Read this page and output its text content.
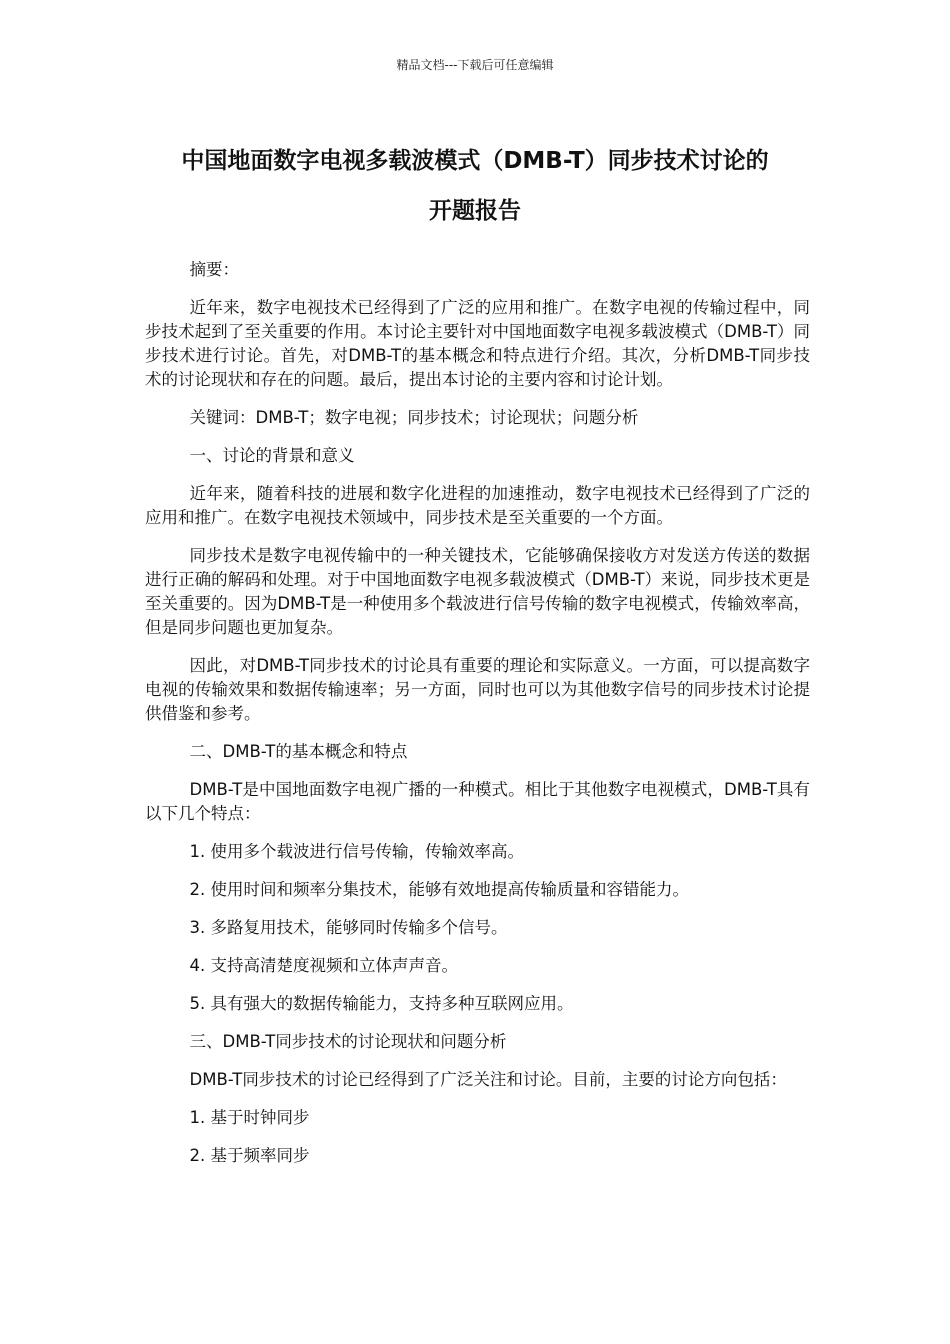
精品文档---下载后可任意编辑
中国地面数字电视多载波模式（DMB-T）同步技术讨论的
开题报告

摘要：

近年来，数字电视技术已经得到了广泛的应用和推广。在数字电视的传输过程中，同步技术起到了至关重要的作用。本讨论主要针对中国地面数字电视多载波模式（DMB-T）同步技术进行讨论。首先，对DMB-T的基本概念和特点进行介绍。其次，分析DMB-T同步技术的讨论现状和存在的问题。最后，提出本讨论的主要内容和讨论计划。

关键词：DMB-T；数字电视；同步技术；讨论现状；问题分析

一、讨论的背景和意义

近年来，随着科技的进展和数字化进程的加速推动，数字电视技术已经得到了广泛的应用和推广。在数字电视技术领域中，同步技术是至关重要的一个方面。

同步技术是数字电视传输中的一种关键技术，它能够确保接收方对发送方传送的数据进行正确的解码和处理。对于中国地面数字电视多载波模式（DMB-T）来说，同步技术更是至关重要的。因为DMB-T是一种使用多个载波进行信号传输的数字电视模式，传输效率高，但是同步问题也更加复杂。

因此，对DMB-T同步技术的讨论具有重要的理论和实际意义。一方面，可以提高数字电视的传输效果和数据传输速率；另一方面，同时也可以为其他数字信号的同步技术讨论提供借鉴和参考。

二、DMB-T的基本概念和特点

DMB-T是中国地面数字电视广播的一种模式。相比于其他数字电视模式，DMB-T具有以下几个特点：

1. 使用多个载波进行信号传输，传输效率高。

2. 使用时间和频率分集技术，能够有效地提高传输质量和容错能力。

3. 多路复用技术，能够同时传输多个信号。

4. 支持高清楚度视频和立体声声音。

5. 具有强大的数据传输能力，支持多种互联网应用。

三、DMB-T同步技术的讨论现状和问题分析

DMB-T同步技术的讨论已经得到了广泛关注和讨论。目前，主要的讨论方向包括：

1. 基于时钟同步

2. 基于频率同步
